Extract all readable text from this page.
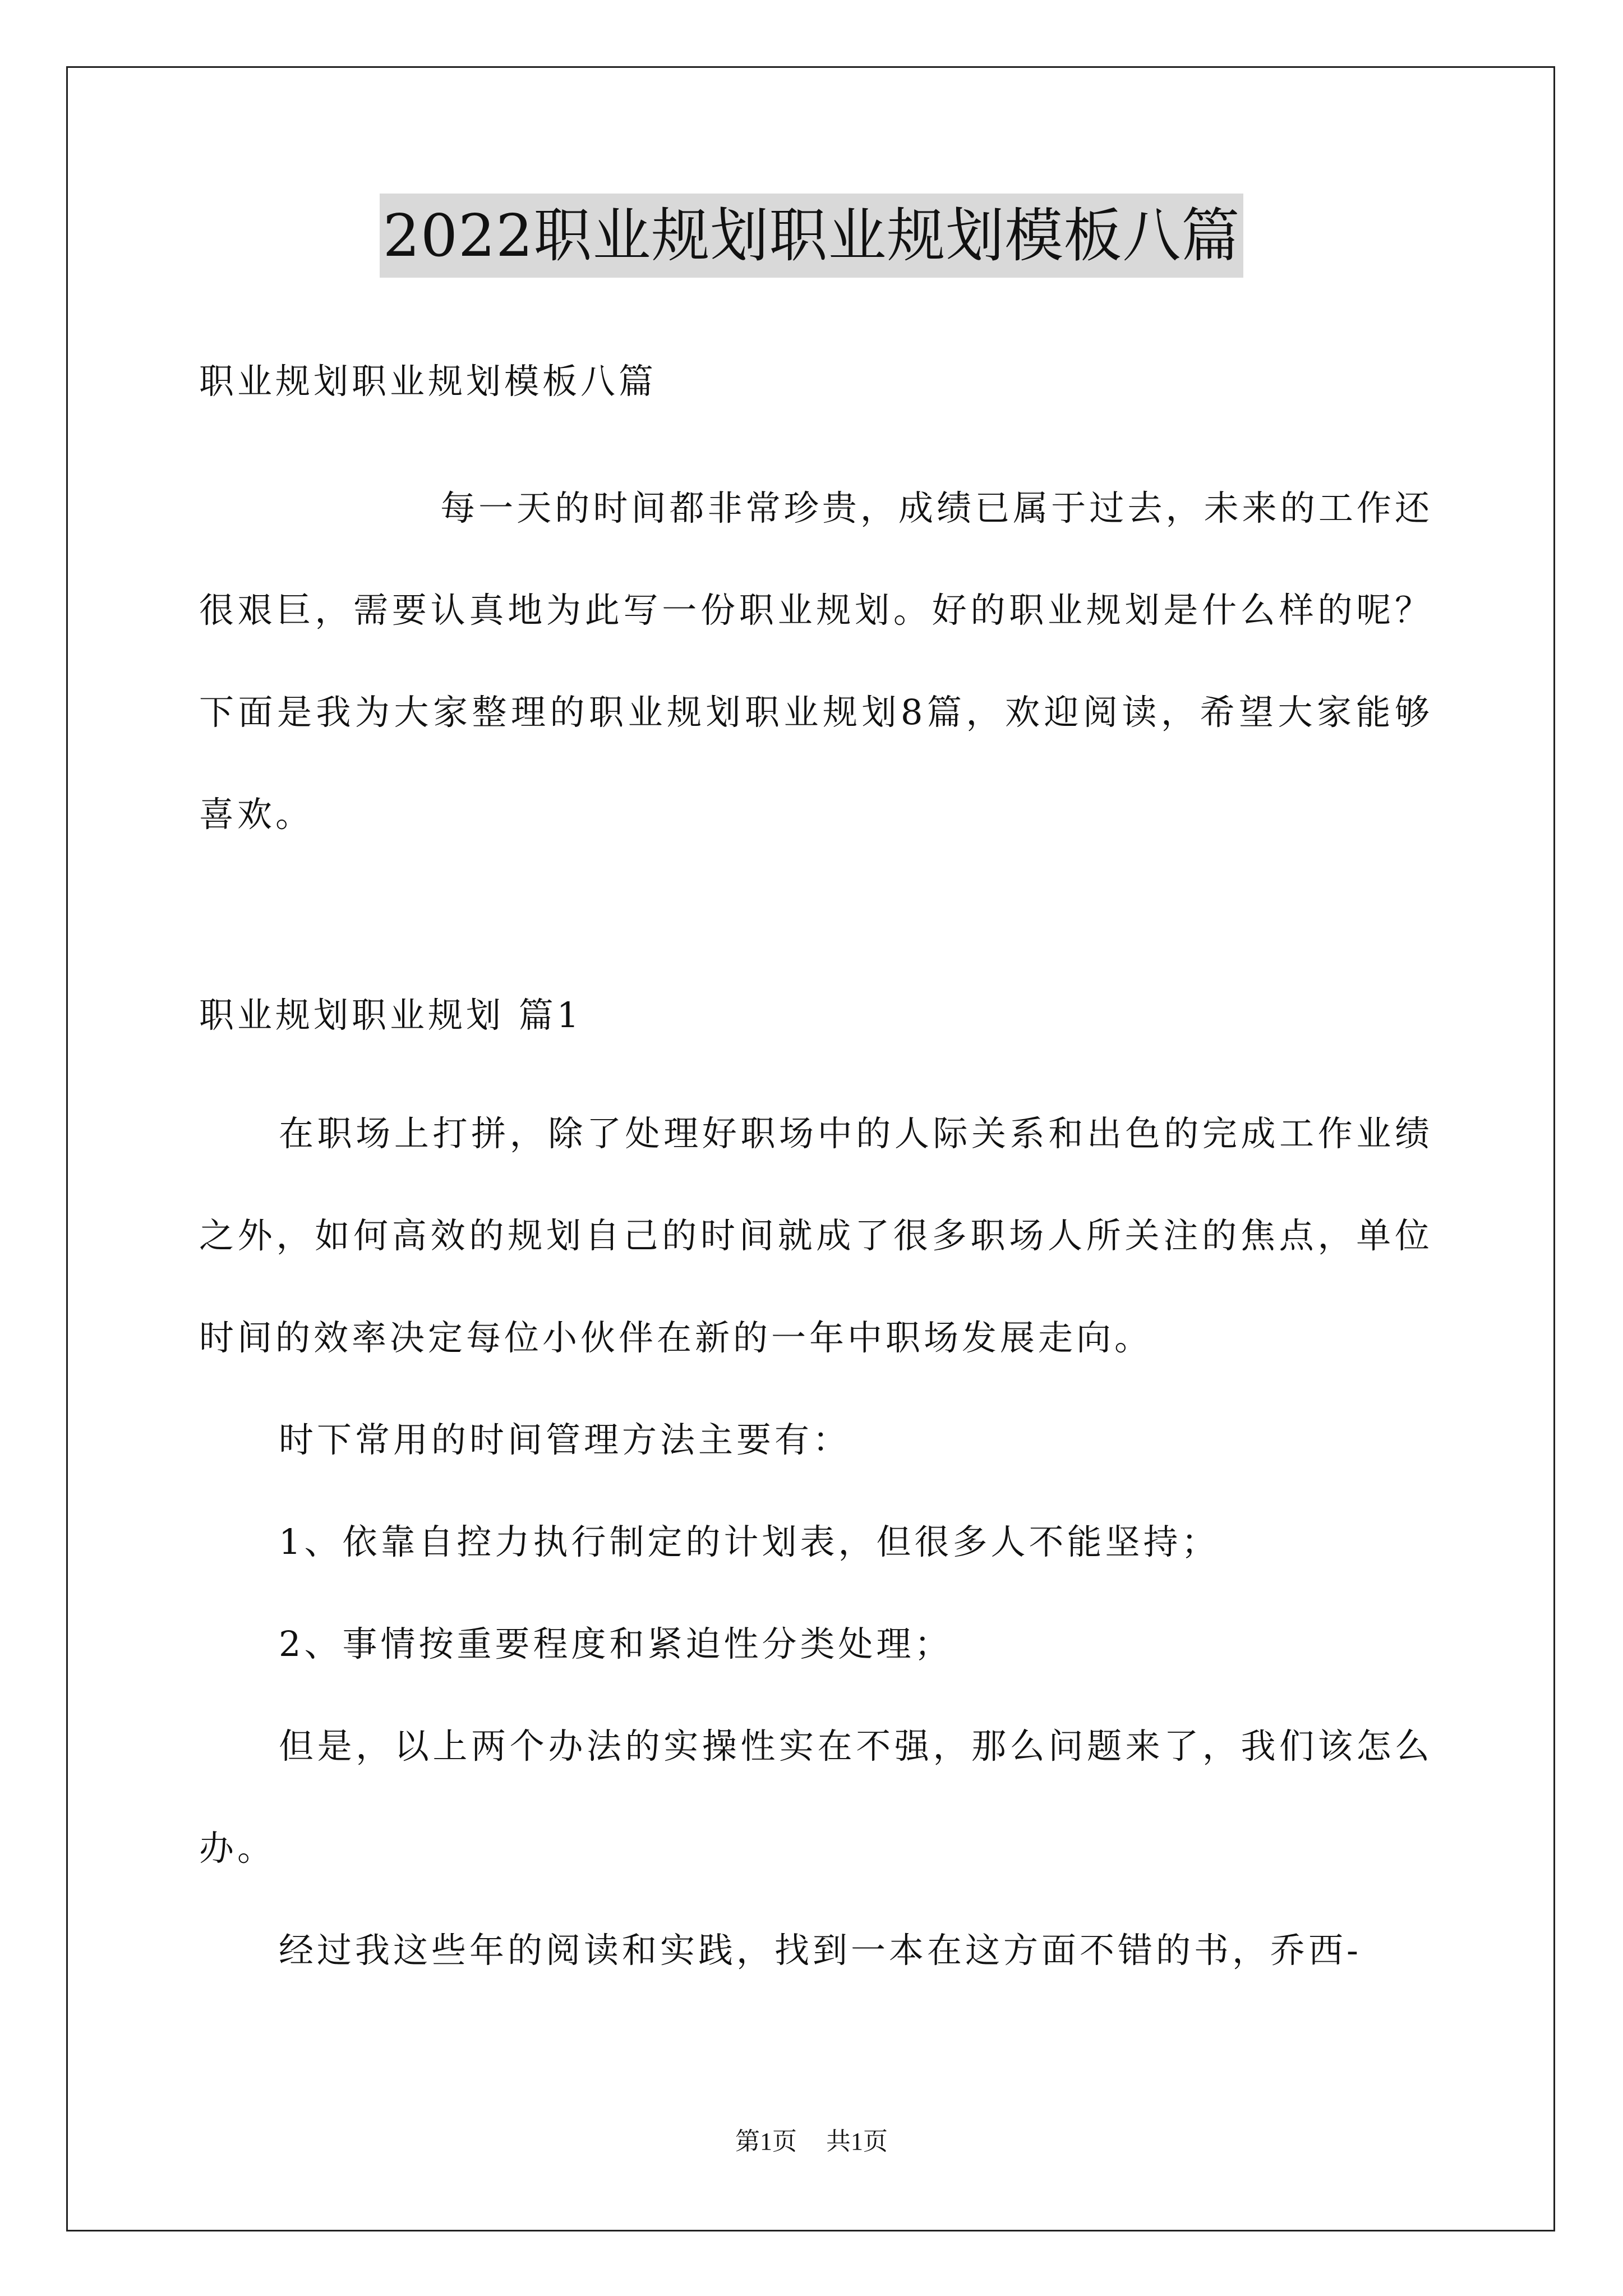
2022职业规划职业规划模板八篇
职业规划职业规划模板八篇
每一天的时间都非常珍贵，成绩已属于过去，未来的工作还很艰巨，需要认真地为此写一份职业规划。好的职业规划是什么样的呢？下面是我为大家整理的职业规划职业规划8篇，欢迎阅读，希望大家能够喜欢。
职业规划职业规划 篇1

在职场上打拼，除了处理好职场中的人际关系和出色的完成工作业绩之外，如何高效的规划自己的时间就成了很多职场人所关注的焦点，单位时间的效率决定每位小伙伴在新的一年中职场发展走向。

时下常用的时间管理方法主要有：

1、依靠自控力执行制定的计划表，但很多人不能坚持；

2、事情按重要程度和紧迫性分类处理；

但是，以上两个办法的实操性实在不强，那么问题来了，我们该怎么办。

经过我这些年的阅读和实践，找到一本在这方面不错的书，乔西-

第1页 共1页
